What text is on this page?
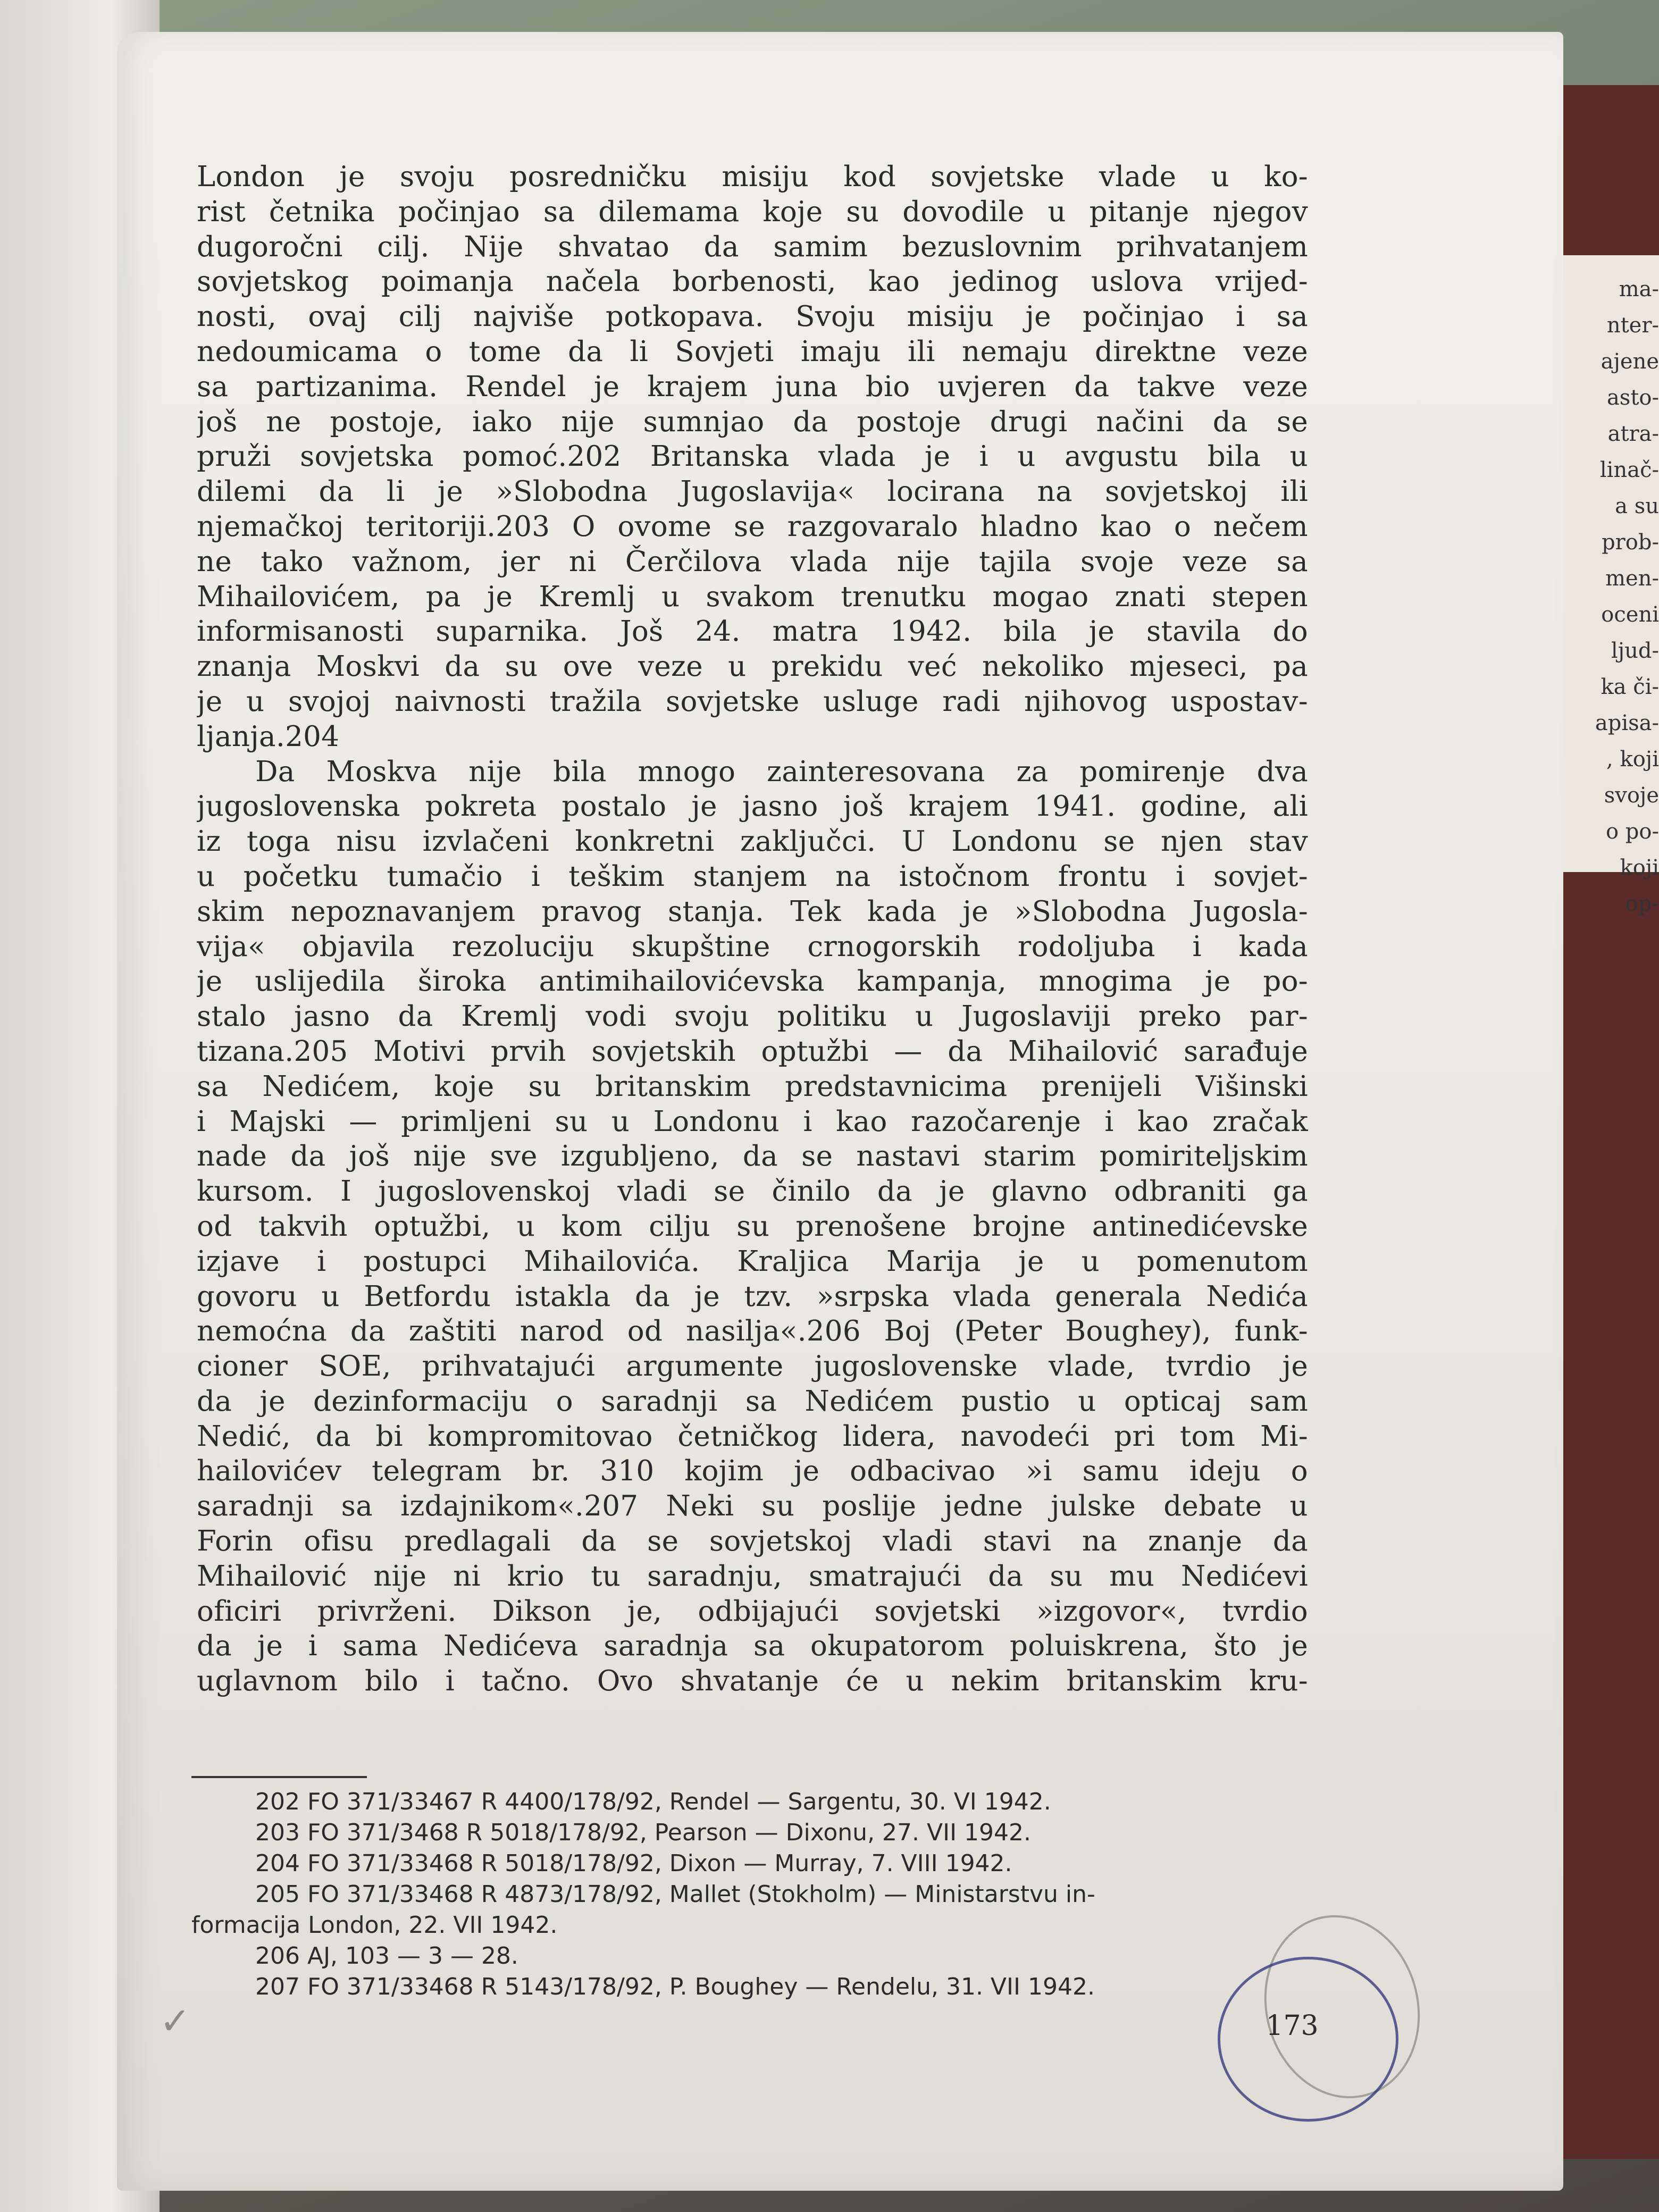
ma-
nter-
ajene
asto-
atra-
linač-
a su
prob-
men-
oceni
ljud-
ka či-
apisa-
, koji
svoje
o po-
koji
op-
London je svoju posredničku misiju kod sovjetske vlade u ko-
rist četnika počinjao sa dilemama koje su dovodile u pitanje njegov
dugoročni cilj. Nije shvatao da samim bezuslovnim prihvatanjem
sovjetskog poimanja načela borbenosti, kao jedinog uslova vrijed-
nosti, ovaj cilj najviše potkopava. Svoju misiju je počinjao i sa
nedoumicama o tome da li Sovjeti imaju ili nemaju direktne veze
sa partizanima. Rendel je krajem juna bio uvjeren da takve veze
još ne postoje, iako nije sumnjao da postoje drugi načini da se
pruži sovjetska pomoć.202 Britanska vlada je i u avgustu bila u
dilemi da li je »Slobodna Jugoslavija« locirana na sovjetskoj ili
njemačkoj teritoriji.203 O ovome se razgovaralo hladno kao o nečem
ne tako važnom, jer ni Čerčilova vlada nije tajila svoje veze sa
Mihailovićem, pa je Kremlj u svakom trenutku mogao znati stepen
informisanosti suparnika. Još 24. matra 1942. bila je stavila do
znanja Moskvi da su ove veze u prekidu već nekoliko mjeseci, pa
je u svojoj naivnosti tražila sovjetske usluge radi njihovog uspostav-
ljanja.204
Da Moskva nije bila mnogo zainteresovana za pomirenje dva
jugoslovenska pokreta postalo je jasno još krajem 1941. godine, ali
iz toga nisu izvlačeni konkretni zaključci. U Londonu se njen stav
u početku tumačio i teškim stanjem na istočnom frontu i sovjet-
skim nepoznavanjem pravog stanja. Tek kada je »Slobodna Jugosla-
vija« objavila rezoluciju skupštine crnogorskih rodoljuba i kada
je uslijedila široka antimihailovićevska kampanja, mnogima je po-
stalo jasno da Kremlj vodi svoju politiku u Jugoslaviji preko par-
tizana.205 Motivi prvih sovjetskih optužbi — da Mihailović sarađuje
sa Nedićem, koje su britanskim predstavnicima prenijeli Višinski
i Majski — primljeni su u Londonu i kao razočarenje i kao zračak
nade da još nije sve izgubljeno, da se nastavi starim pomiriteljskim
kursom. I jugoslovenskoj vladi se činilo da je glavno odbraniti ga
od takvih optužbi, u kom cilju su prenošene brojne antinedićevske
izjave i postupci Mihailovića. Kraljica Marija je u pomenutom
govoru u Betfordu istakla da je tzv. »srpska vlada generala Nedića
nemoćna da zaštiti narod od nasilja«.206 Boj (Peter Boughey), funk-
cioner SOE, prihvatajući argumente jugoslovenske vlade, tvrdio je
da je dezinformaciju o saradnji sa Nedićem pustio u opticaj sam
Nedić, da bi kompromitovao četničkog lidera, navodeći pri tom Mi-
hailovićev telegram br. 310 kojim je odbacivao »i samu ideju o
saradnji sa izdajnikom«.207 Neki su poslije jedne julske debate u
Forin ofisu predlagali da se sovjetskoj vladi stavi na znanje da
Mihailović nije ni krio tu saradnju, smatrajući da su mu Nedićevi
oficiri privrženi. Dikson je, odbijajući sovjetski »izgovor«, tvrdio
da je i sama Nedićeva saradnja sa okupatorom poluiskrena, što je
uglavnom bilo i tačno. Ovo shvatanje će u nekim britanskim kru-
202 FO 371/33467 R 4400/178/92, Rendel — Sargentu, 30. VI 1942.
203 FO 371/3468 R 5018/178/92, Pearson — Dixonu, 27. VII 1942.
204 FO 371/33468 R 5018/178/92, Dixon — Murray, 7. VIII 1942.
205 FO 371/33468 R 4873/178/92, Mallet (Stokholm) — Ministarstvu in-
formacija London, 22. VII 1942.
206 AJ, 103 — 3 — 28.
207 FO 371/33468 R 5143/178/92, P. Boughey — Rendelu, 31. VII 1942.
173
✓
